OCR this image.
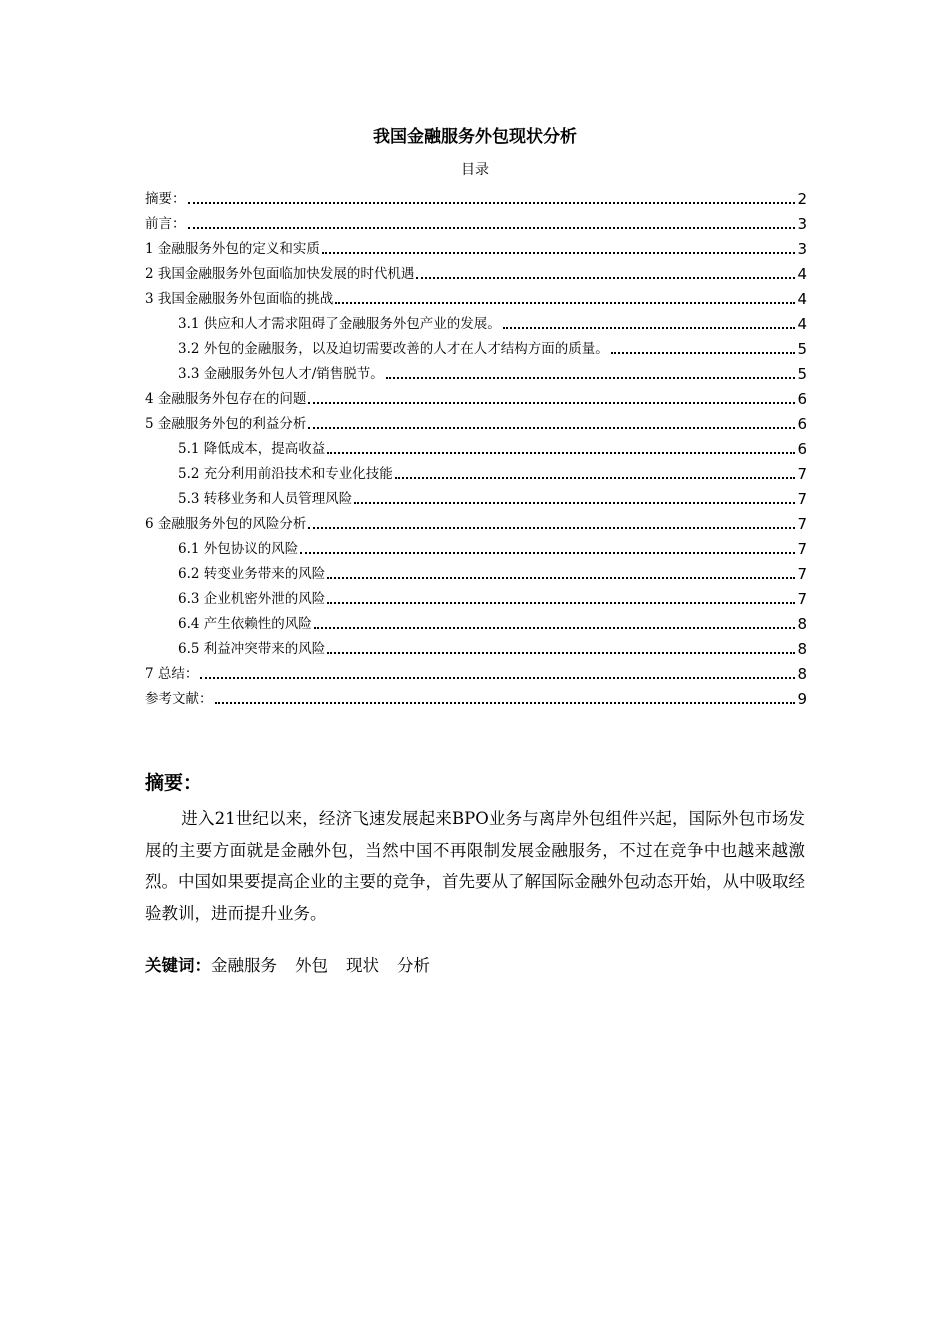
我国金融服务外包现状分析
目录
摘要：	2
前言：	3
1 金融服务外包的定义和实质	3
2 我国金融服务外包面临加快发展的时代机遇	4
3 我国金融服务外包面临的挑战	4
3.1 供应和人才需求阻碍了金融服务外包产业的发展。	4
3.2 外包的金融服务，以及迫切需要改善的人才在人才结构方面的质量。	5
3.3 金融服务外包人才/销售脱节。	5
4 金融服务外包存在的问题	6
5 金融服务外包的利益分析	6
5.1 降低成本，提高收益	6
5.2 充分利用前沿技术和专业化技能	7
5.3 转移业务和人员管理风险	7
6 金融服务外包的风险分析	7
6.1 外包协议的风险	7
6.2 转变业务带来的风险	7
6.3 企业机密外泄的风险	7
6.4 产生依赖性的风险	8
6.5 利益冲突带来的风险	8
7 总结：	8
参考文献：	9
摘要：

进入21世纪以来，经济飞速发展起来BPO业务与离岸外包组件兴起，国际外包市场发展的主要方面就是金融外包，当然中国不再限制发展金融服务，不过在竞争中也越来越激烈。中国如果要提高企业的主要的竞争，首先要从了解国际金融外包动态开始，从中吸取经验教训，进而提升业务。

关键词：金融服务 外包 现状 分析
